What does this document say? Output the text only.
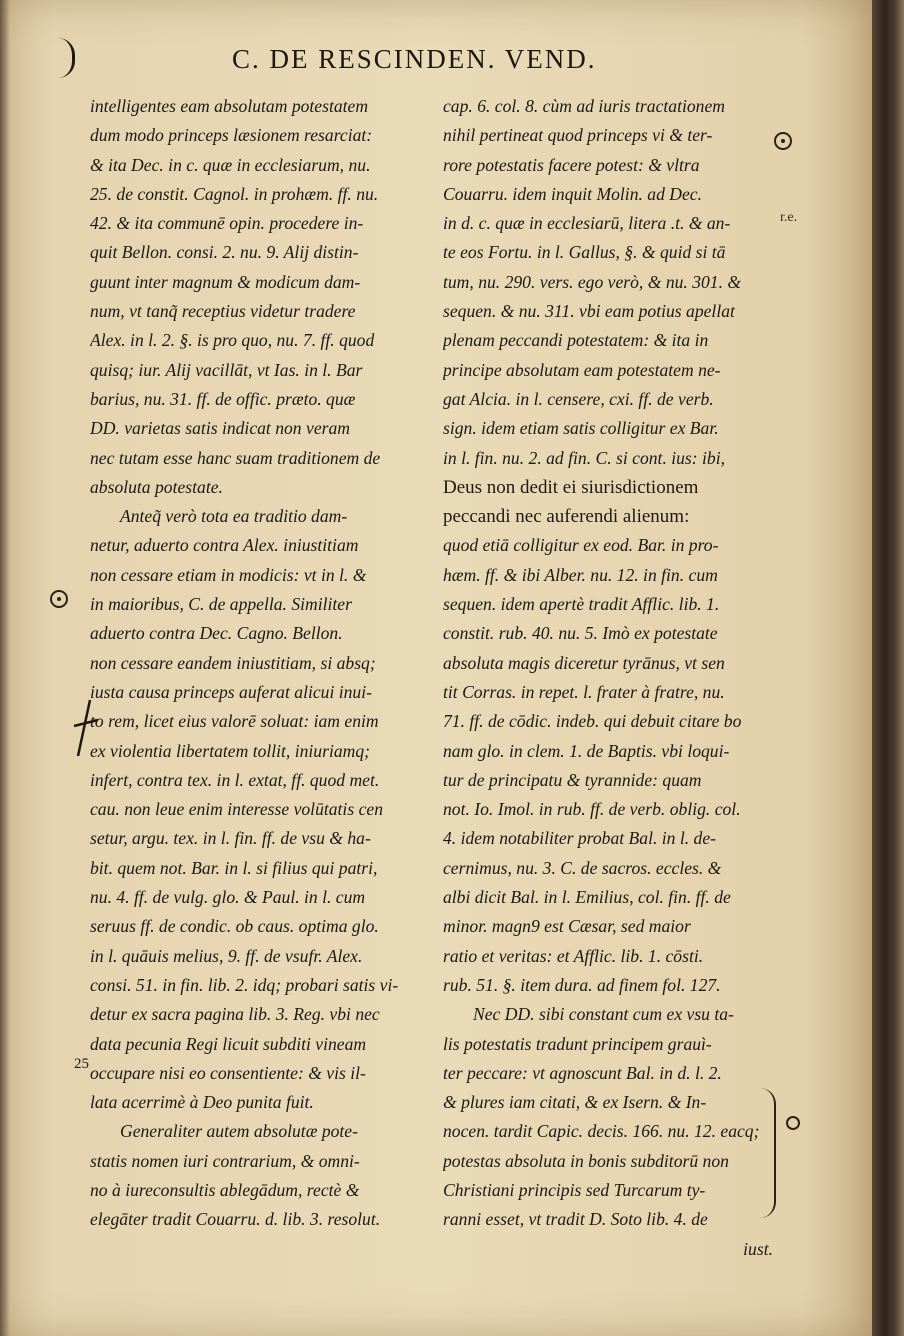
C. DE RESCINDEN. VEND.
intelligentes eam absolutam potestatem
dum modo princeps læsionem resarciat:
& ita Dec. in c. quæ in ecclesiarum, nu.
25. de constit. Cagnol. in prohæm. ff. nu.
42. & ita communē opin. procedere in-
quit Bellon. consi. 2. nu. 9. Alij distin-
guunt inter magnum & modicum dam-
num, vt tanq̃ receptius videtur tradere
Alex. in l. 2. §. is pro quo, nu. 7. ff. quod
quisq; iur. Alij vacillāt, vt Ias. in l. Bar
barius, nu. 31. ff. de offic. præto. quæ
DD. varietas satis indicat non veram
nec tutam esse hanc suam traditionem de
absoluta potestate.
Anteq̃ verò tota ea traditio dam-
netur, aduerto contra Alex. iniustitiam
non cessare etiam in modicis: vt in l. &
in maioribus, C. de appella. Similiter
aduerto contra Dec. Cagno. Bellon.
non cessare eandem iniustitiam, si absq;
iusta causa princeps auferat alicui inui-
to rem, licet eius valorē soluat: iam enim
ex violentia libertatem tollit, iniuriamq;
infert, contra tex. in l. extat, ff. quod met.
cau. non leue enim interesse volūtatis cen
setur, argu. tex. in l. fin. ff. de vsu & ha-
bit. quem not. Bar. in l. si filius qui patri,
nu. 4. ff. de vulg. glo. & Paul. in l. cum
seruus ff. de condic. ob caus. optima glo.
in l. quāuis melius, 9. ff. de vsufr. Alex.
consi. 51. in fin. lib. 2. idq; probari satis vi-
detur ex sacra pagina lib. 3. Reg. vbi nec
data pecunia Regi licuit subditi vineam
occupare nisi eo consentiente: & vis il-
lata acerrimè à Deo punita fuit.
Generaliter autem absolutæ pote-
statis nomen iuri contrarium, & omni-
no à iureconsultis ablegādum, rectè &
elegāter tradit Couarru. d. lib. 3. resolut.
cap. 6. col. 8. cùm ad iuris tractationem
nihil pertineat quod princeps vi & ter-
rore potestatis facere potest: & vltra
Couarru. idem inquit Molin. ad Dec.
in d. c. quæ in ecclesiarū, litera .t. & an-
te eos Fortu. in l. Gallus, §. & quid si tā
tum, nu. 290. vers. ego verò, & nu. 301. &
sequen. & nu. 311. vbi eam potius apellat
plenam peccandi potestatem: & ita in
principe absolutam eam potestatem ne-
gat Alcia. in l. censere, cxi. ff. de verb.
sign. idem etiam satis colligitur ex Bar.
in l. fin. nu. 2. ad fin. C. si cont. ius: ibi,
Deus non dedit ei siurisdictionem
peccandi nec auferendi alienum:
quod etiā colligitur ex eod. Bar. in pro-
hæm. ff. & ibi Alber. nu. 12. in fin. cum
sequen. idem apertè tradit Afflic. lib. 1.
constit. rub. 40. nu. 5. Imò ex potestate
absoluta magis diceretur tyrānus, vt sen
tit Corras. in repet. l. frater à fratre, nu.
71. ff. de cōdic. indeb. qui debuit citare bo
nam glo. in clem. 1. de Baptis. vbi loqui-
tur de principatu & tyrannide: quam
not. Io. Imol. in rub. ff. de verb. oblig. col.
4. idem notabiliter probat Bal. in l. de-
cernimus, nu. 3. C. de sacros. eccles. &
albi dicit Bal. in l. Emilius, col. fin. ff. de
minor. magn9 est Cæsar, sed maior
ratio et veritas: et Afflic. lib. 1. cōsti.
rub. 51. §. item dura. ad finem fol. 127.
Nec DD. sibi constant cum ex vsu ta-
lis potestatis tradunt principem grauì-
ter peccare: vt agnoscunt Bal. in d. l. 2.
& plures iam citati, & ex Isern. & In-
nocen. tardit Capic. decis. 166. nu. 12. eacq;
potestas absoluta in bonis subditorū non
Christiani principis sed Turcarum ty-
ranni esset, vt tradit D. Soto lib. 4. de
iust.
25
r.e.
